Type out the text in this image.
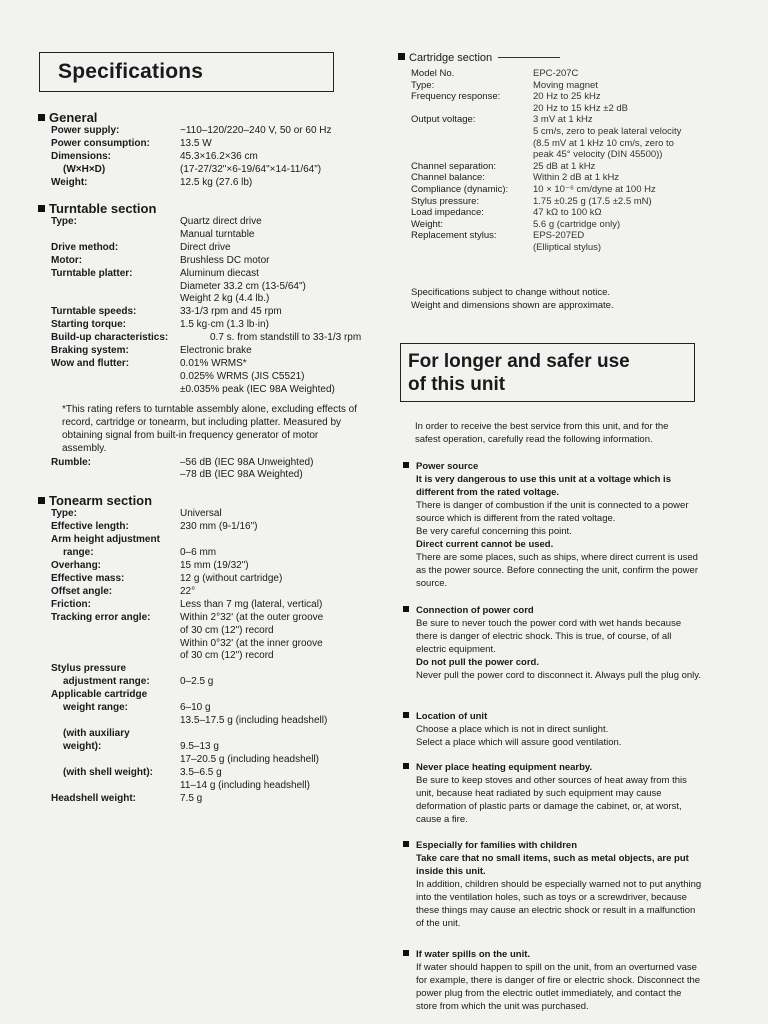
Specifications
General
Power supply:	~110–120/220–240 V, 50 or 60 Hz
Power consumption:	13.5 W
Dimensions:	45.3×16.2×36 cm
(W×H×D)	(17-27/32"×6-19/64"×14-11/64")
Weight:	12.5 kg (27.6 lb)
Turntable section
Type:	Quartz direct drive
Manual turntable
Drive method:	Direct drive
Motor:	Brushless DC motor
Turntable platter:	Aluminum diecast
Diameter 33.2 cm (13-5/64")
Weight 2 kg (4.4 lb.)
Turntable speeds:	33-1/3 rpm and 45 rpm
Starting torque:	1.5 kg·cm (1.3 lb·in)
Build-up characteristics:	0.7 s. from standstill to 33-1/3 rpm
Braking system:	Electronic brake
Wow and flutter:	0.01% WRMS*
0.025% WRMS (JIS C5521)
±0.035% peak (IEC 98A Weighted)
*This rating refers to turntable assembly alone, excluding effects of record, cartridge or tonearm, but including platter. Measured by obtaining signal from built-in frequency generator of motor assembly.
Rumble:	–56 dB (IEC 98A Unweighted)
–78 dB (IEC 98A Weighted)
Tonearm section
Type:	Universal
Effective length:	230 mm (9-1/16")
Arm height adjustment
range:	0–6 mm
Overhang:	15 mm (19/32")
Effective mass:	12 g (without cartridge)
Offset angle:	22°
Friction:	Less than 7 mg (lateral, vertical)
Tracking error angle:	Within 2°32' (at the outer groove
of 30 cm (12") record
Within 0°32' (at the inner groove
of 30 cm (12") record
Stylus pressure
adjustment range:	0–2.5 g
Applicable cartridge
weight range:	6–10 g
13.5–17.5 g (including headshell)
(with auxiliary
weight):	9.5–13 g
17–20.5 g (including headshell)
(with shell weight):	3.5–6.5 g
11–14 g (including headshell)
Headshell weight:	7.5 g
Cartridge section
Model No.	EPC-207C
Type:	Moving magnet
Frequency response:	20 Hz to 25 kHz
20 Hz to 15 kHz ±2 dB
Output voltage:	3 mV at 1 kHz
5 cm/s, zero to peak lateral velocity
(8.5 mV at 1 kHz 10 cm/s, zero to
peak 45° velocity (DIN 45500))
Channel separation:	25 dB at 1 kHz
Channel balance:	Within 2 dB at 1 kHz
Compliance (dynamic):	10 × 10⁻⁶ cm/dyne at 100 Hz
Stylus pressure:	1.75 ±0.25 g (17.5 ±2.5 mN)
Load impedance:	47 kΩ to 100 kΩ
Weight:	5.6 g (cartridge only)
Replacement stylus:	EPS-207ED
(Elliptical stylus)
Specifications subject to change without notice.
Weight and dimensions shown are approximate.
For longer and safer use
of this unit
In order to receive the best service from this unit, and for the safest operation, carefully read the following information.
Power source
It is very dangerous to use this unit at a voltage which is different from the rated voltage.
There is danger of combustion if the unit is connected to a power source which is different from the rated voltage.
Be very careful concerning this point.
Direct current cannot be used.
There are some places, such as ships, where direct current is used as the power source. Before connecting the unit, confirm the power source.
Connection of power cord
Be sure to never touch the power cord with wet hands because there is danger of electric shock. This is true, of course, of all electric equipment.
Do not pull the power cord.
Never pull the power cord to disconnect it. Always pull the plug only.
Location of unit
Choose a place which is not in direct sunlight.
Select a place which will assure good ventilation.
Never place heating equipment nearby.
Be sure to keep stoves and other sources of heat away from this unit, because heat radiated by such equipment may cause deformation of plastic parts or damage the cabinet, or, at worst, cause a fire.
Especially for families with children
Take care that no small items, such as metal objects, are put inside this unit.
In addition, children should be especially warned not to put anything into the ventilation holes, such as toys or a screwdriver, because these things may cause an electric shock or result in a malfunction of the unit.
If water spills on the unit.
If water should happen to spill on the unit, from an overturned vase for example, there is danger of fire or electric shock. Disconnect the power plug from the electric outlet immediately, and contact the store from which the unit was purchased.
